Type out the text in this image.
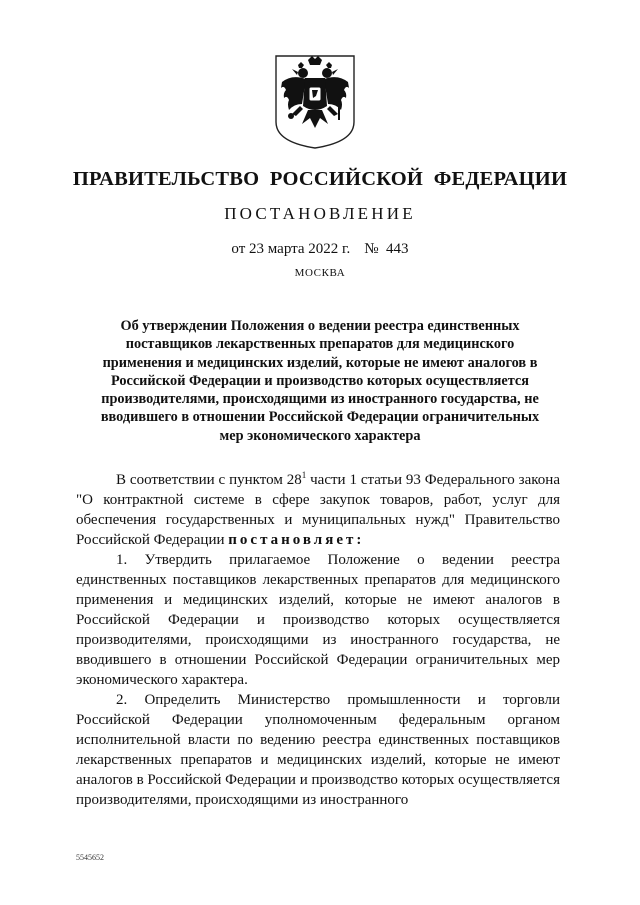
ПРАВИТЕЛЬСТВО  РОССИЙСКОЙ  ФЕДЕРАЦИИ
ПОСТАНОВЛЕНИЕ
от 23 марта 2022 г. №  443
МОСКВА
Об утверждении Положения о ведении реестра единственных поставщиков лекарственных препаратов для медицинского применения и медицинских изделий, которые не имеют аналогов в Российской Федерации и производство которых осуществляется производителями, происходящими из иностранного государства, не вводившего в отношении Российской Федерации ограничительных мер экономического характера

В соответствии с пунктом $28^1$ части 1 статьи 93 Федерального закона "О контрактной системе в сфере закупок товаров, работ, услуг для обеспечения государственных и муниципальных нужд" Правительство Российской Федерации постановляет:

1. Утвердить прилагаемое Положение о ведении реестра единственных поставщиков лекарственных препаратов для медицинского применения и медицинских изделий, которые не имеют аналогов в Российской Федерации и производство которых осуществляется производителями, происходящими из иностранного государства, не вводившего в отношении Российской Федерации ограничительных мер экономического характера.

2. Определить Министерство промышленности и торговли Российской Федерации уполномоченным федеральным органом исполнительной власти по ведению реестра единственных поставщиков лекарственных препаратов и медицинских изделий, которые не имеют аналогов в Российской Федерации и производство которых осуществляется производителями, происходящими из иностранного

5545652
